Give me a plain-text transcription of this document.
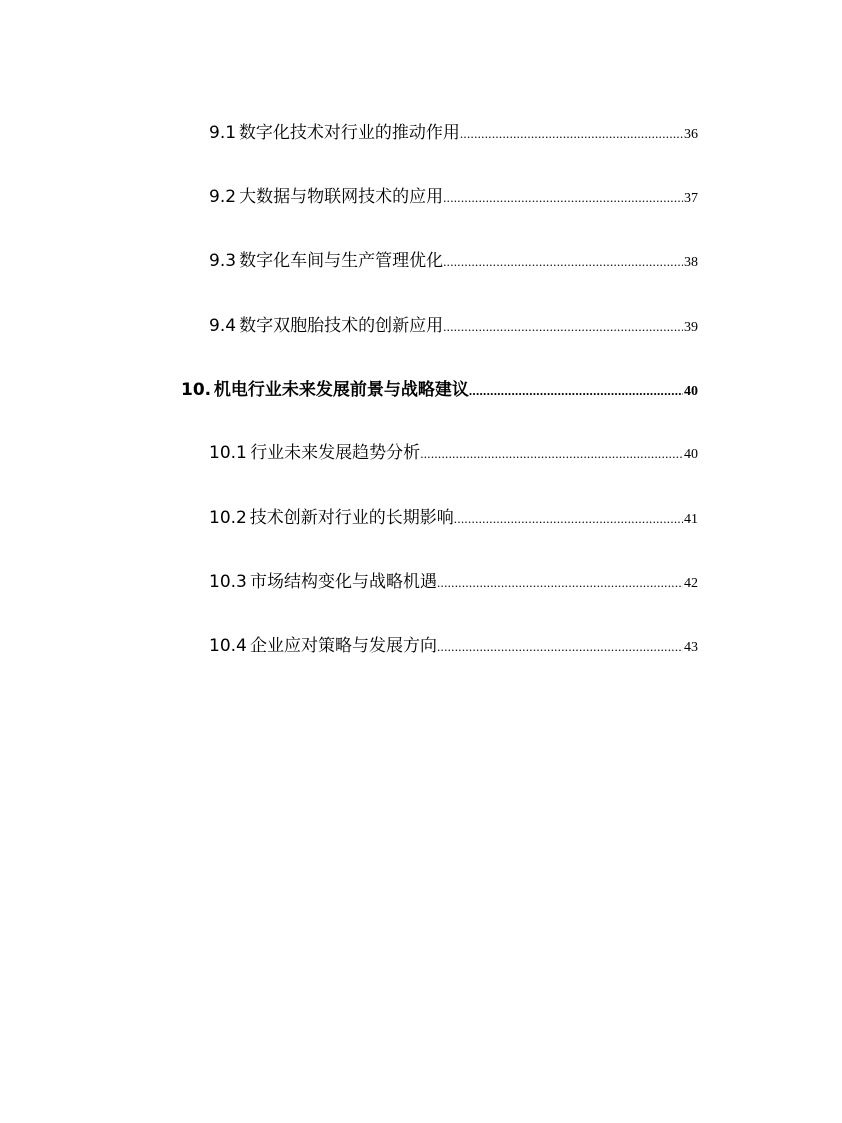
9.1 数字化技术对行业的推动作用 .....	36
9.2 大数据与物联网技术的应用 .....	37
9.3 数字化车间与生产管理优化 .....	38
9.4 数字双胞胎技术的创新应用 .....	39
10. 机电行业未来发展前景与战略建议 .....	40
10.1 行业未来发展趋势分析 .....	40
10.2 技术创新对行业的长期影响 .....	41
10.3 市场结构变化与战略机遇 .....	42
10.4 企业应对策略与发展方向 .....	43
